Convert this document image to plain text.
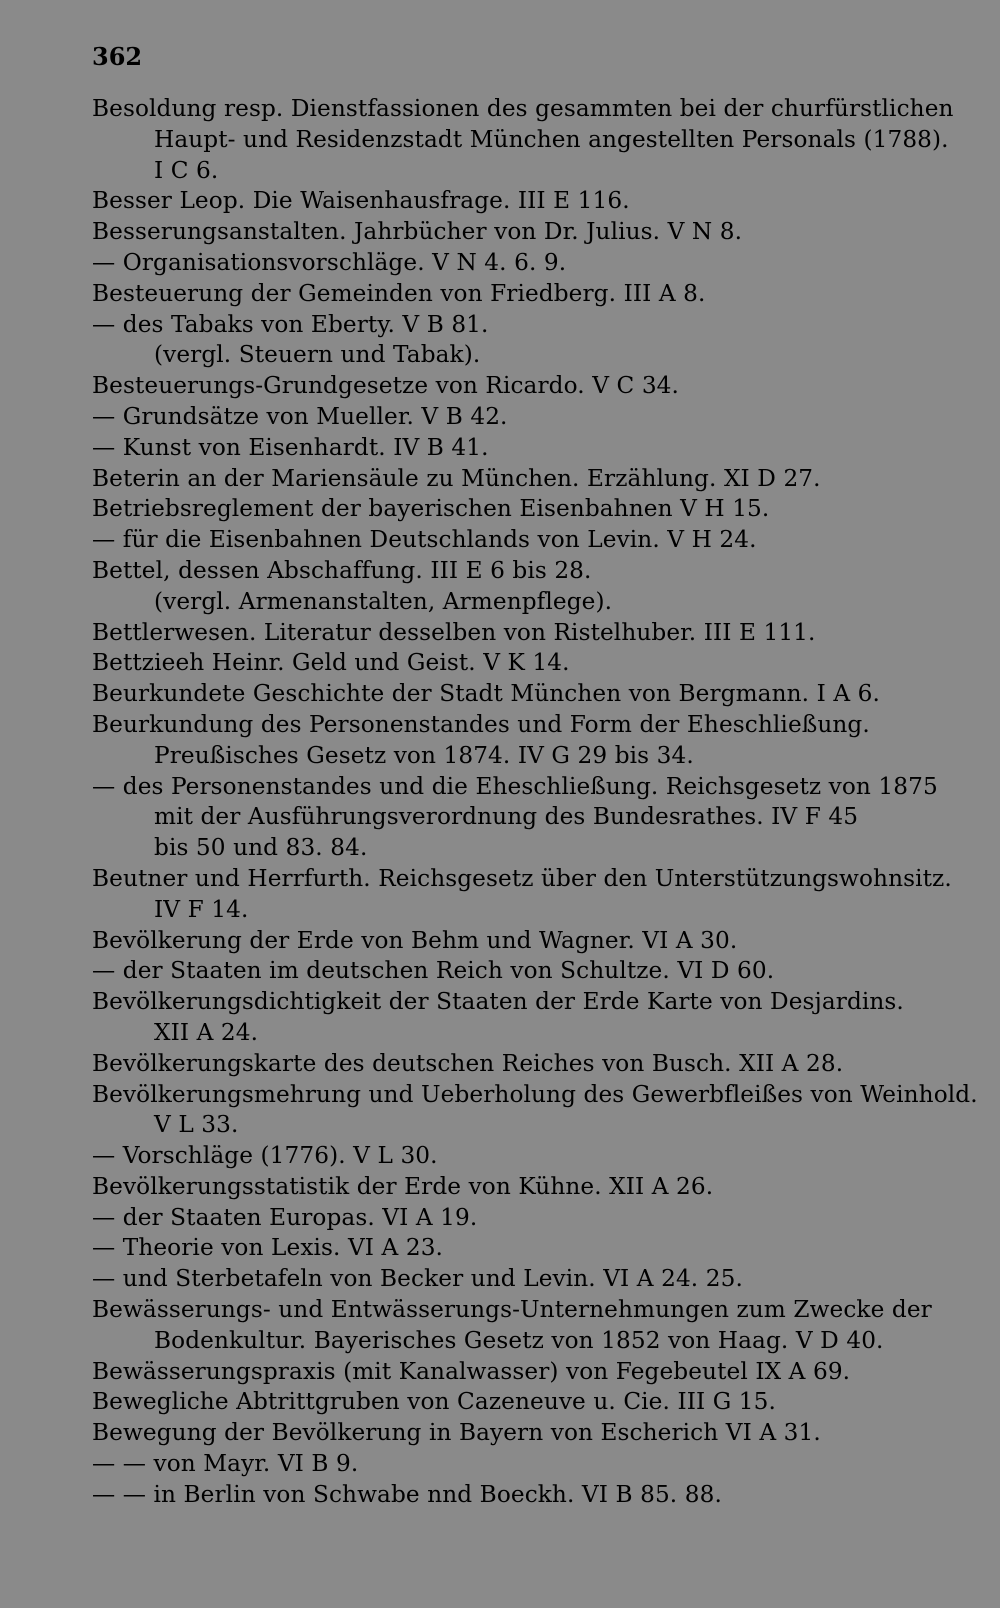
362
Besoldung resp. Dienstfassionen des gesammten bei der churfürstlichen
Haupt- und Residenzstadt München angestellten Personals (1788).
I C 6.
Besser Leop. Die Waisenhausfrage. III E 116.
Besserungsanstalten. Jahrbücher von Dr. Julius. V N 8.
— Organisationsvorschläge. V N 4. 6. 9.
Besteuerung der Gemeinden von Friedberg. III A 8.
— des Tabaks von Eberty. V B 81.
(vergl. Steuern und Tabak).
Besteuerungs-Grundgesetze von Ricardo. V C 34.
— Grundsätze von Mueller. V B 42.
— Kunst von Eisenhardt. IV B 41.
Beterin an der Mariensäule zu München. Erzählung. XI D 27.
Betriebsreglement der bayerischen Eisenbahnen V H 15.
— für die Eisenbahnen Deutschlands von Levin. V H 24.
Bettel, dessen Abschaffung. III E 6 bis 28.
(vergl. Armenanstalten, Armenpflege).
Bettlerwesen. Literatur desselben von Ristelhuber. III E 111.
Bettzieeh Heinr. Geld und Geist. V K 14.
Beurkundete Geschichte der Stadt München von Bergmann. I A 6.
Beurkundung des Personenstandes und Form der Eheschließung.
Preußisches Gesetz von 1874. IV G 29 bis 34.
— des Personenstandes und die Eheschließung. Reichsgesetz von 1875
mit der Ausführungsverordnung des Bundesrathes. IV F 45
bis 50 und 83. 84.
Beutner und Herrfurth. Reichsgesetz über den Unterstützungswohnsitz.
IV F 14.
Bevölkerung der Erde von Behm und Wagner. VI A 30.
— der Staaten im deutschen Reich von Schultze. VI D 60.
Bevölkerungsdichtigkeit der Staaten der Erde Karte von Desjardins.
XII A 24.
Bevölkerungskarte des deutschen Reiches von Busch. XII A 28.
Bevölkerungsmehrung und Ueberholung des Gewerbfleißes von Weinhold.
V L 33.
— Vorschläge (1776). V L 30.
Bevölkerungsstatistik der Erde von Kühne. XII A 26.
— der Staaten Europas. VI A 19.
— Theorie von Lexis. VI A 23.
— und Sterbetafeln von Becker und Levin. VI A 24. 25.
Bewässerungs- und Entwässerungs-Unternehmungen zum Zwecke der
Bodenkultur. Bayerisches Gesetz von 1852 von Haag. V D 40.
Bewässerungspraxis (mit Kanalwasser) von Fegebeutel IX A 69.
Bewegliche Abtrittgruben von Cazeneuve u. Cie. III G 15.
Bewegung der Bevölkerung in Bayern von Escherich VI A 31.
— — von Mayr. VI B 9.
— — in Berlin von Schwabe nnd Boeckh. VI B 85. 88.
